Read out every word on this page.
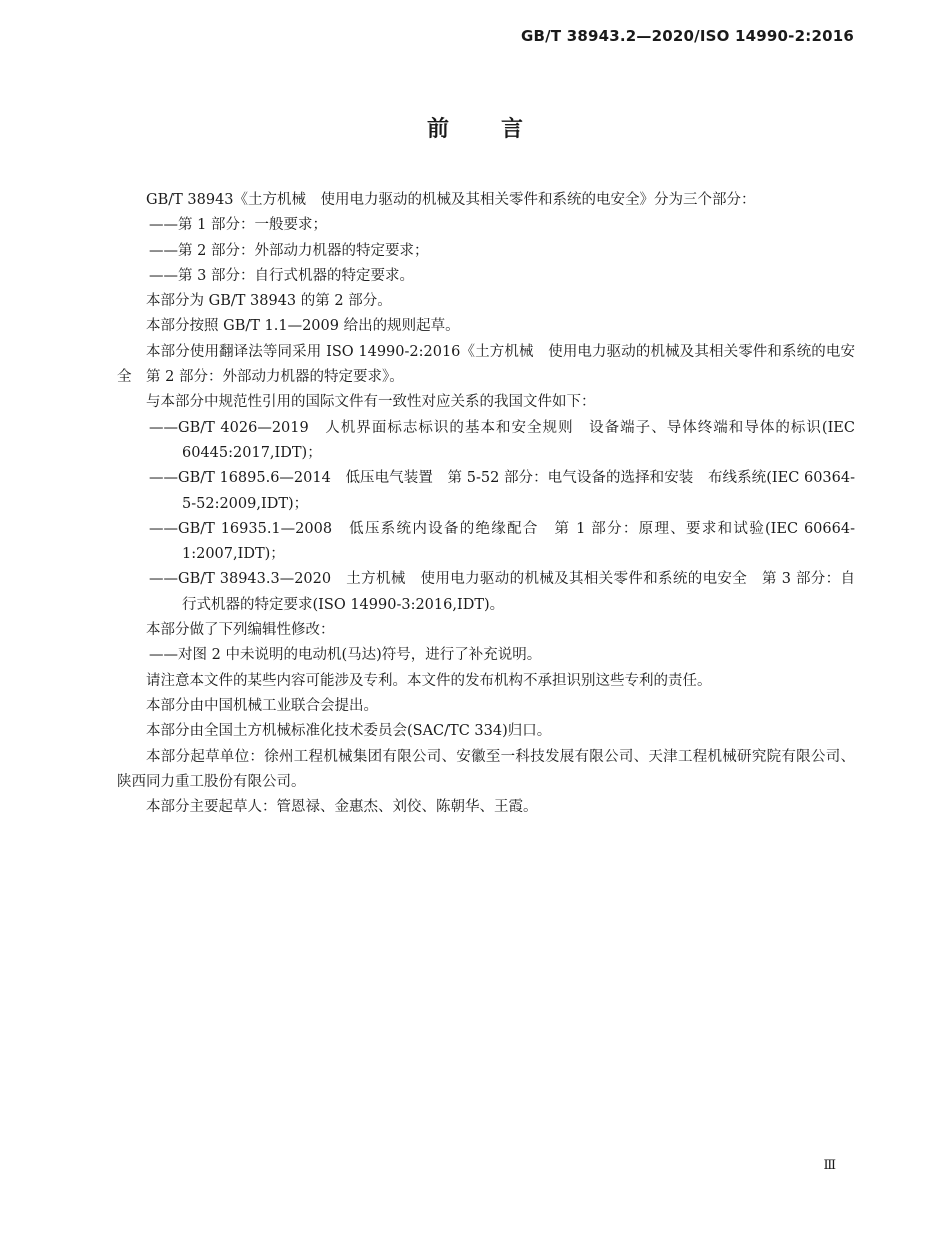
GB/T 38943.2—2020/ISO 14990-2:2016
前言

GB/T 38943《土方机械　使用电力驱动的机械及其相关零件和系统的电安全》分为三个部分：

——第 1 部分：一般要求；

——第 2 部分：外部动力机器的特定要求；

——第 3 部分：自行式机器的特定要求。

本部分为 GB/T 38943 的第 2 部分。

本部分按照 GB/T 1.1—2009 给出的规则起草。

本部分使用翻译法等同采用 ISO 14990-2:2016《土方机械　使用电力驱动的机械及其相关零件和系统的电安全　第 2 部分：外部动力机器的特定要求》。

与本部分中规范性引用的国际文件有一致性对应关系的我国文件如下：

——GB/T 4026—2019　人机界面标志标识的基本和安全规则　设备端子、导体终端和导体的标识(IEC 60445:2017,IDT)；

——GB/T 16895.6—2014　低压电气装置　第 5-52 部分：电气设备的选择和安装　布线系统(IEC 60364-5-52:2009,IDT)；

——GB/T 16935.1—2008　低压系统内设备的绝缘配合　第 1 部分：原理、要求和试验(IEC 60664-1:2007,IDT)；

——GB/T 38943.3—2020　土方机械　使用电力驱动的机械及其相关零件和系统的电安全　第 3 部分：自行式机器的特定要求(ISO 14990-3:2016,IDT)。

本部分做了下列编辑性修改：

——对图 2 中未说明的电动机(马达)符号，进行了补充说明。

请注意本文件的某些内容可能涉及专利。本文件的发布机构不承担识别这些专利的责任。

本部分由中国机械工业联合会提出。

本部分由全国土方机械标准化技术委员会(SAC/TC 334)归口。

本部分起草单位：徐州工程机械集团有限公司、安徽至一科技发展有限公司、天津工程机械研究院有限公司、陕西同力重工股份有限公司。

本部分主要起草人：管恩禄、金惠杰、刘佼、陈朝华、王霞。

Ⅲ
